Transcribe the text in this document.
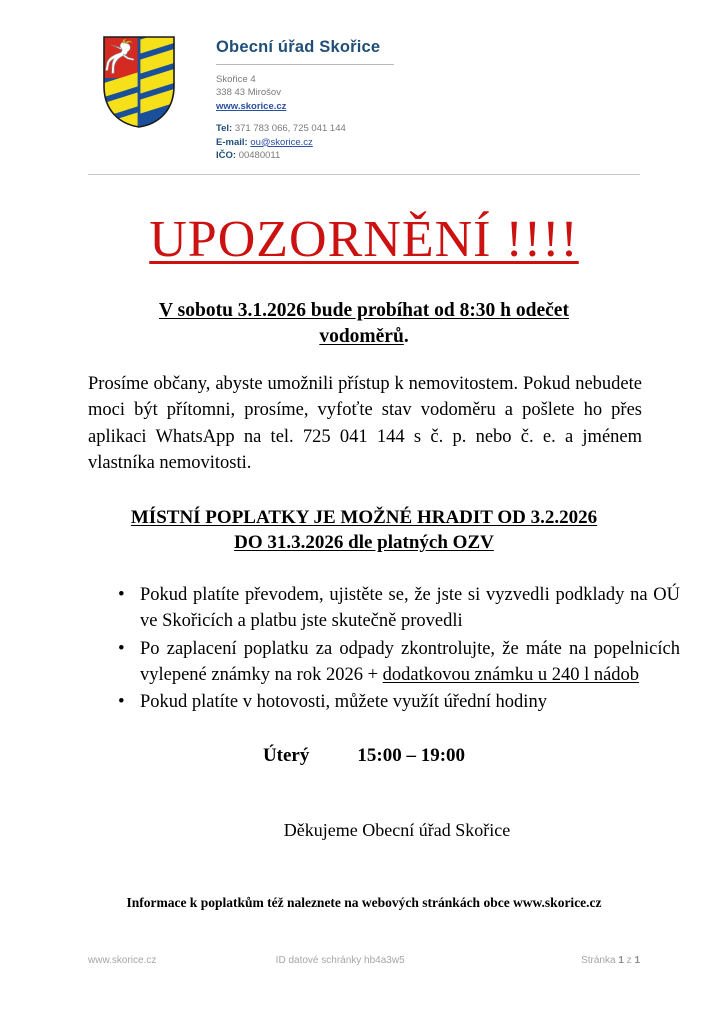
Obecní úřad Skořice
Skořice 4
338 43 Mirošov
www.skorice.cz
Tel: 371 783 066, 725 041 144
E-mail: ou@skorice.cz
IČO: 00480011
UPOZORNĚNÍ !!!!
V sobotu 3.1.2026 bude probíhat od 8:30 h odečet
vodoměrů.

Prosíme občany, abyste umožnili přístup k nemovitostem. Pokud nebudete moci být přítomni, prosíme, vyfoťte stav vodoměru a pošlete ho přes aplikaci WhatsApp na tel. 725 041 144 s č. p. nebo č. e. a jménem vlastníka nemovitosti.

MÍSTNÍ POPLATKY JE MOŽNÉ HRADIT OD 3.2.2026
DO 31.3.2026 dle platných OZV
• Pokud platíte převodem, ujistěte se, že jste si vyzvedli podklady na OÚ ve Skořicích a platbu jste skutečně provedli
• Po zaplacení poplatku za odpady zkontrolujte, že máte na popelnicích vylepené známky na rok 2026 + dodatkovou známku u 240 l nádob
• Pokud platíte v hotovosti, můžete využít úřední hodiny

Úterý	15:00 – 19:00

Děkujeme Obecní úřad Skořice

Informace k poplatkům též naleznete na webových stránkách obce www.skorice.cz

www.skorice.cz	ID datové schránky hb4a3w5	Stránka 1 z 1
